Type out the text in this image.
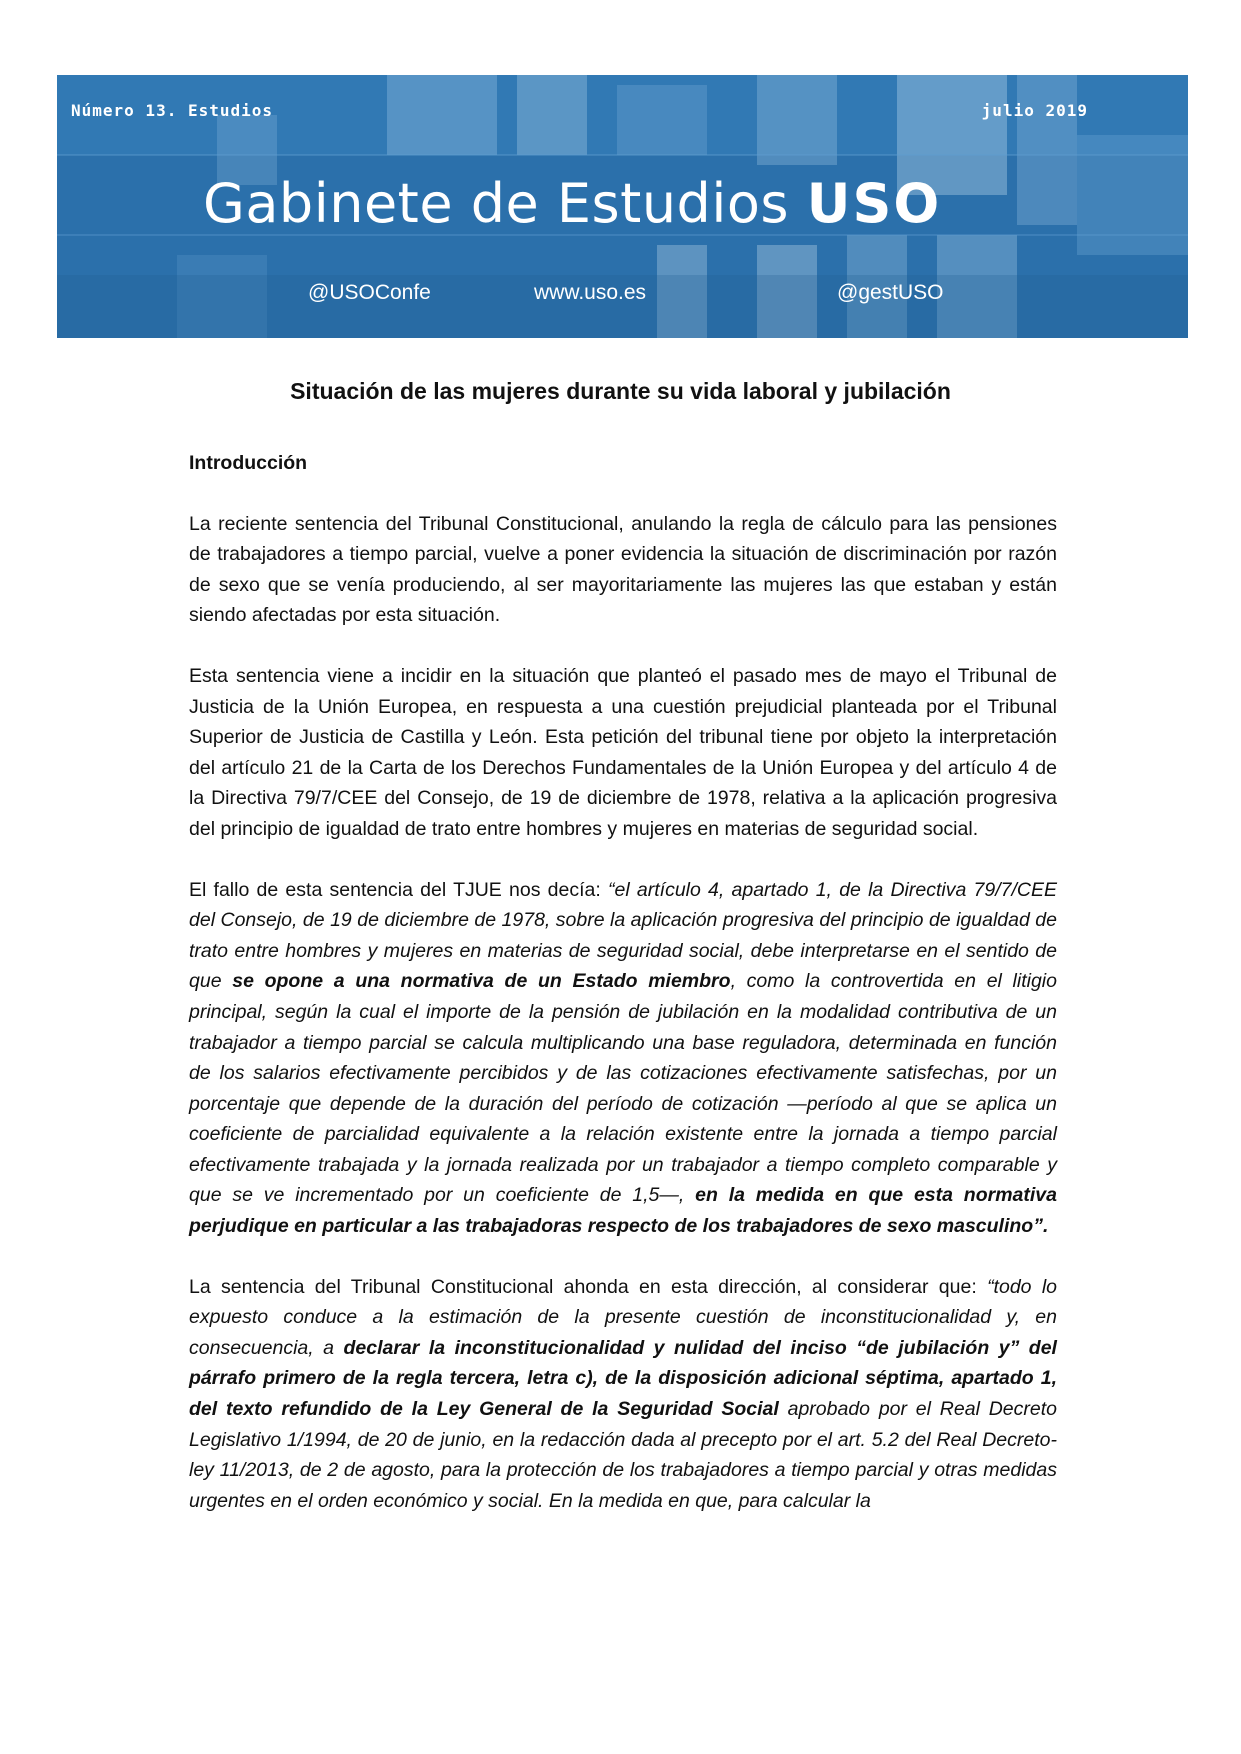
Número 13. Estudios	julio 2019
Gabinete de Estudios USO
@USOConfe	www.uso.es	@gestUSO
Situación de las mujeres durante su vida laboral y jubilación
Introducción

La reciente sentencia del Tribunal Constitucional, anulando la regla de cálculo para las pensiones de trabajadores a tiempo parcial, vuelve a poner evidencia la situación de discriminación por razón de sexo que se venía produciendo, al ser mayoritariamente las mujeres las que estaban y están siendo afectadas por esta situación.

Esta sentencia viene a incidir en la situación que planteó el pasado mes de mayo el Tribunal de Justicia de la Unión Europea, en respuesta a una cuestión prejudicial planteada por el Tribunal Superior de Justicia de Castilla y León. Esta petición del tribunal tiene por objeto la interpretación del artículo 21 de la Carta de los Derechos Fundamentales de la Unión Europea y del artículo 4 de la Directiva 79/7/CEE del Consejo, de 19 de diciembre de 1978, relativa a la aplicación progresiva del principio de igualdad de trato entre hombres y mujeres en materias de seguridad social.

El fallo de esta sentencia del TJUE nos decía: “el artículo 4, apartado 1, de la Directiva 79/7/CEE del Consejo, de 19 de diciembre de 1978, sobre la aplicación progresiva del principio de igualdad de trato entre hombres y mujeres en materias de seguridad social, debe interpretarse en el sentido de que se opone a una normativa de un Estado miembro, como la controvertida en el litigio principal, según la cual el importe de la pensión de jubilación en la modalidad contributiva de un trabajador a tiempo parcial se calcula multiplicando una base reguladora, determinada en función de los salarios efectivamente percibidos y de las cotizaciones efectivamente satisfechas, por un porcentaje que depende de la duración del período de cotización —período al que se aplica un coeficiente de parcialidad equivalente a la relación existente entre la jornada a tiempo parcial efectivamente trabajada y la jornada realizada por un trabajador a tiempo completo comparable y que se ve incrementado por un coeficiente de 1,5—, en la medida en que esta normativa perjudique en particular a las trabajadoras respecto de los trabajadores de sexo masculino”.

La sentencia del Tribunal Constitucional ahonda en esta dirección, al considerar que: “todo lo expuesto conduce a la estimación de la presente cuestión de inconstitucionalidad y, en consecuencia, a declarar la inconstitucionalidad y nulidad del inciso “de jubilación y” del párrafo primero de la regla tercera, letra c), de la disposición adicional séptima, apartado 1, del texto refundido de la Ley General de la Seguridad Social aprobado por el Real Decreto Legislativo 1/1994, de 20 de junio, en la redacción dada al precepto por el art. 5.2 del Real Decreto-ley 11/2013, de 2 de agosto, para la protección de los trabajadores a tiempo parcial y otras medidas urgentes en el orden económico y social. En la medida en que, para calcular la
